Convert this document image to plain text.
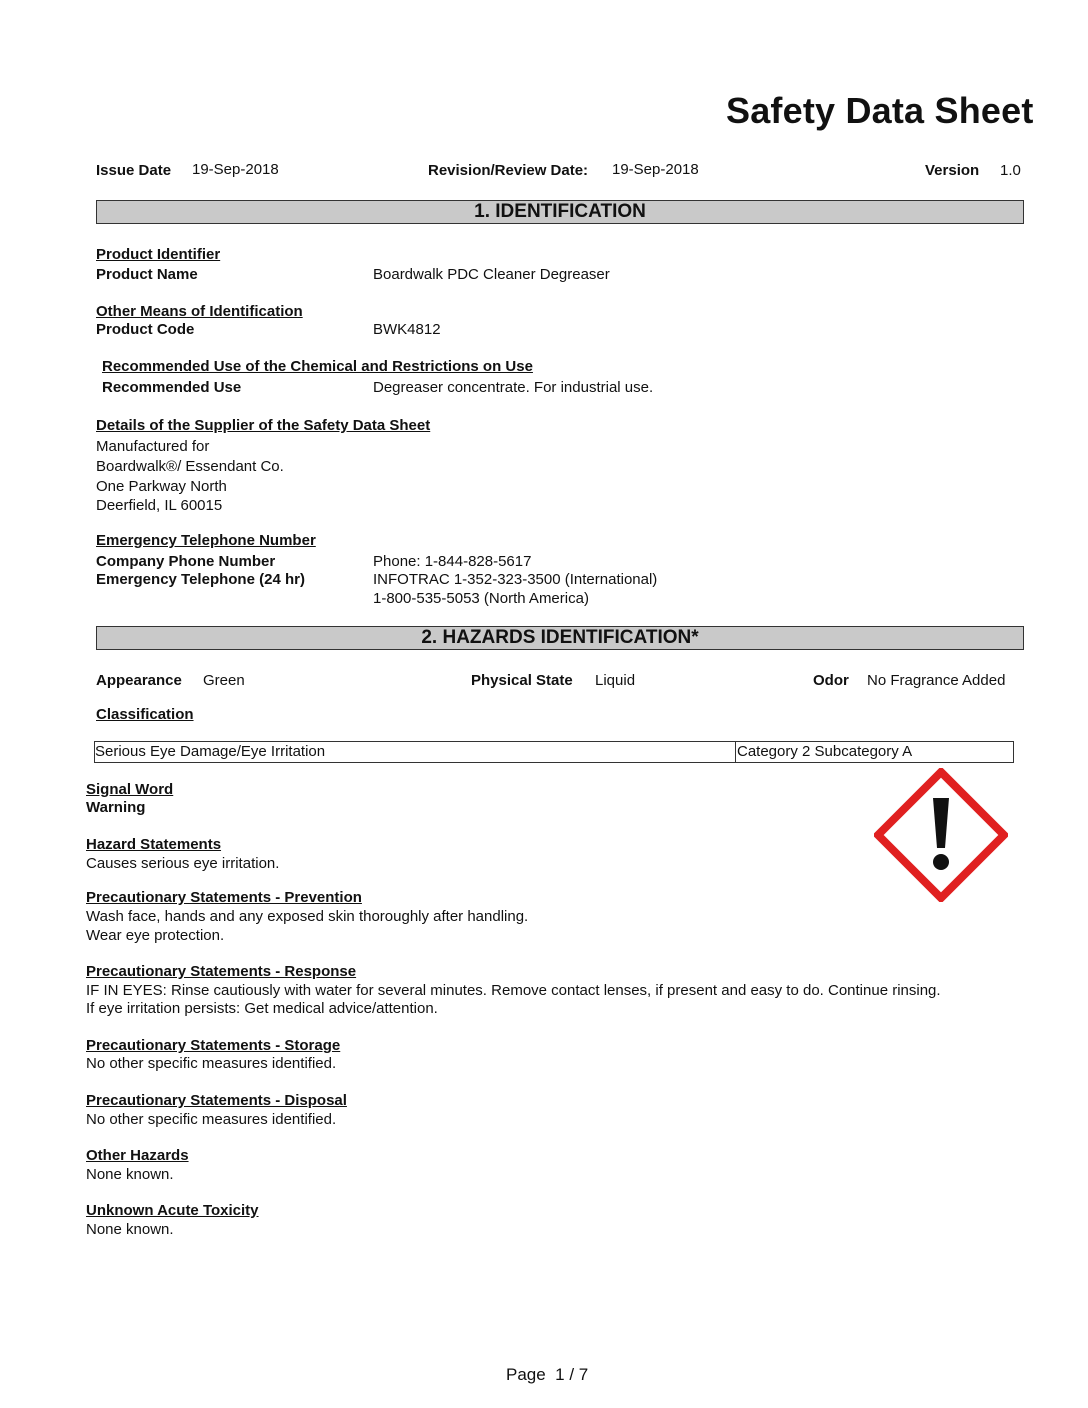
Safety Data Sheet
Issue Date 19-Sep-2018	Revision/Review Date: 19-Sep-2018	Version 1.0
1. IDENTIFICATION
Product Identifier
Product Name	Boardwalk PDC Cleaner Degreaser
Other Means of Identification
Product Code	BWK4812
Recommended Use of the Chemical and Restrictions on Use
Recommended Use	Degreaser concentrate. For industrial use.
Details of the Supplier of the Safety Data Sheet
Manufactured for
Boardwalk®/ Essendant Co.
One Parkway North
Deerfield, IL 60015
Emergency Telephone Number
Company Phone Number	Phone: 1-844-828-5617
Emergency Telephone (24 hr)	INFOTRAC 1-352-323-3500 (International)
1-800-535-5053 (North America)
2. HAZARDS IDENTIFICATION*
Appearance Green	Physical State Liquid	Odor No Fragrance Added
Classification
Serious Eye Damage/Eye Irritation	Category 2 Subcategory A
Signal Word
Warning
Hazard Statements
Causes serious eye irritation.
Precautionary Statements - Prevention
Wash face, hands and any exposed skin thoroughly after handling.
Wear eye protection.
Precautionary Statements - Response
IF IN EYES: Rinse cautiously with water for several minutes. Remove contact lenses, if present and easy to do. Continue rinsing.
If eye irritation persists: Get medical advice/attention.
Precautionary Statements - Storage
No other specific measures identified.
Precautionary Statements - Disposal
No other specific measures identified.
Other Hazards
None known.
Unknown Acute Toxicity
None known.
Page 1 / 7
